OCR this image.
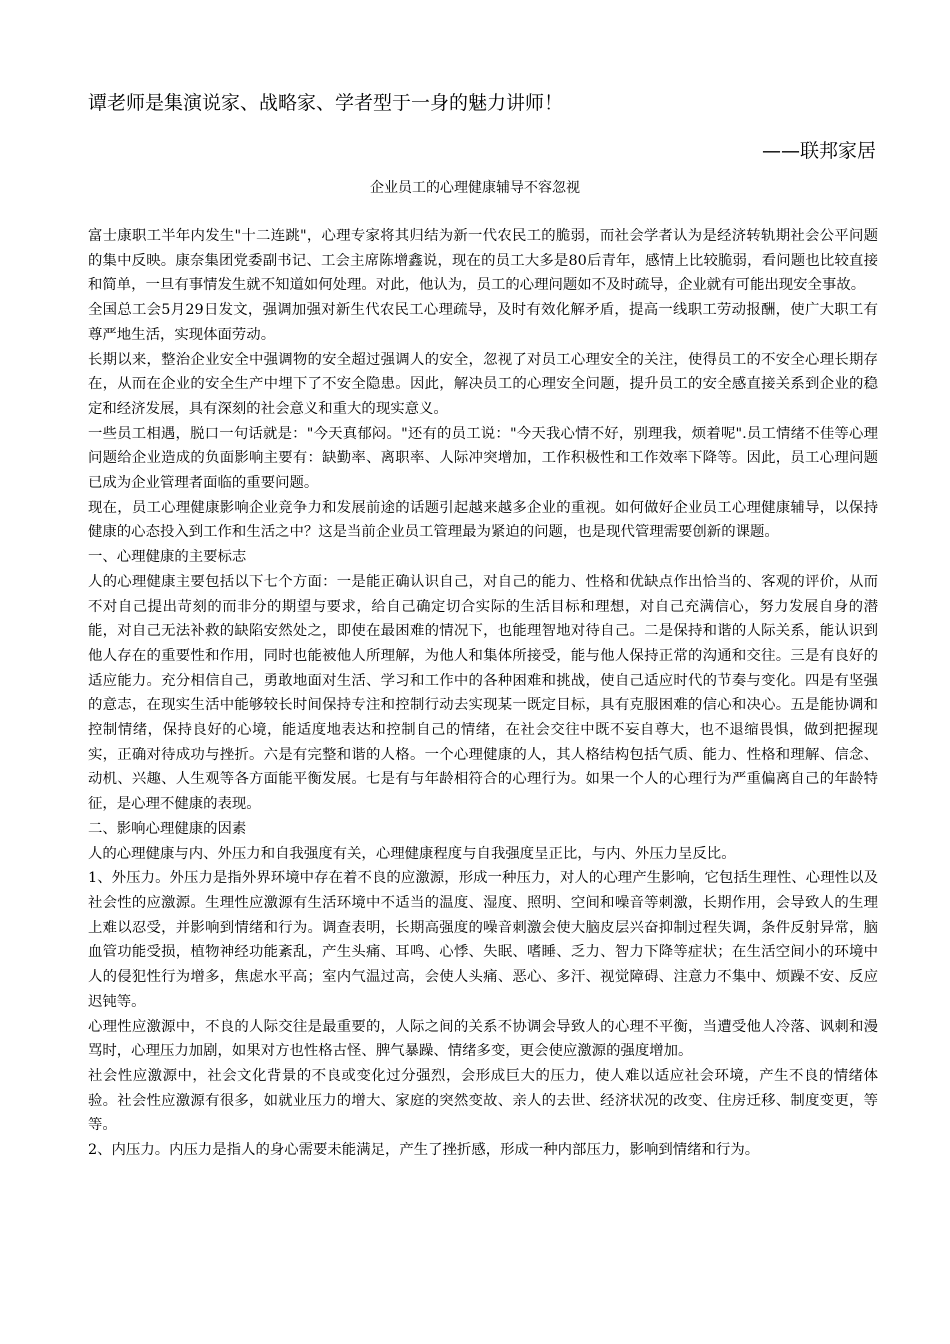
谭老师是集演说家、战略家、学者型于一身的魅力讲师！
——联邦家居
企业员工的心理健康辅导不容忽视

富士康职工半年内发生"十二连跳"，心理专家将其归结为新一代农民工的脆弱，而社会学者认为是经济转轨期社会公平问题的集中反映。康奈集团党委副书记、工会主席陈增鑫说，现在的员工大多是80后青年，感情上比较脆弱，看问题也比较直接和简单，一旦有事情发生就不知道如何处理。对此，他认为，员工的心理问题如不及时疏导，企业就有可能出现安全事故。

全国总工会5月29日发文，强调加强对新生代农民工心理疏导，及时有效化解矛盾，提高一线职工劳动报酬，使广大职工有尊严地生活，实现体面劳动。

长期以来，整治企业安全中强调物的安全超过强调人的安全，忽视了对员工心理安全的关注，使得员工的不安全心理长期存在，从而在企业的安全生产中埋下了不安全隐患。因此，解决员工的心理安全问题，提升员工的安全感直接关系到企业的稳定和经济发展，具有深刻的社会意义和重大的现实意义。

一些员工相遇，脱口一句话就是："今天真郁闷。"还有的员工说："今天我心情不好，别理我，烦着呢".员工情绪不佳等心理问题给企业造成的负面影响主要有：缺勤率、离职率、人际冲突增加，工作积极性和工作效率下降等。因此，员工心理问题已成为企业管理者面临的重要问题。

现在，员工心理健康影响企业竞争力和发展前途的话题引起越来越多企业的重视。如何做好企业员工心理健康辅导，以保持健康的心态投入到工作和生活之中？这是当前企业员工管理最为紧迫的问题，也是现代管理需要创新的课题。

一、心理健康的主要标志

人的心理健康主要包括以下七个方面：一是能正确认识自己，对自己的能力、性格和优缺点作出恰当的、客观的评价，从而不对自己提出苛刻的而非分的期望与要求，给自己确定切合实际的生活目标和理想，对自己充满信心，努力发展自身的潜能，对自己无法补救的缺陷安然处之，即使在最困难的情况下，也能理智地对待自己。二是保持和谐的人际关系，能认识到他人存在的重要性和作用，同时也能被他人所理解，为他人和集体所接受，能与他人保持正常的沟通和交往。三是有良好的适应能力。充分相信自己，勇敢地面对生活、学习和工作中的各种困难和挑战，使自己适应时代的节奏与变化。四是有坚强的意志，在现实生活中能够较长时间保持专注和控制行动去实现某一既定目标，具有克服困难的信心和决心。五是能协调和控制情绪，保持良好的心境，能适度地表达和控制自己的情绪，在社会交往中既不妄自尊大，也不退缩畏惧，做到把握现实，正确对待成功与挫折。六是有完整和谐的人格。一个心理健康的人，其人格结构包括气质、能力、性格和理解、信念、动机、兴趣、人生观等各方面能平衡发展。七是有与年龄相符合的心理行为。如果一个人的心理行为严重偏离自己的年龄特征，是心理不健康的表现。

二、影响心理健康的因素

人的心理健康与内、外压力和自我强度有关，心理健康程度与自我强度呈正比，与内、外压力呈反比。

1、外压力。外压力是指外界环境中存在着不良的应激源，形成一种压力，对人的心理产生影响，它包括生理性、心理性以及社会性的应激源。生理性应激源有生活环境中不适当的温度、湿度、照明、空间和噪音等刺激，长期作用，会导致人的生理上难以忍受，并影响到情绪和行为。调查表明，长期高强度的噪音刺激会使大脑皮层兴奋抑制过程失调，条件反射异常，脑血管功能受损，植物神经功能紊乱，产生头痛、耳鸣、心悸、失眠、嗜睡、乏力、智力下降等症状；在生活空间小的环境中人的侵犯性行为增多，焦虑水平高；室内气温过高，会使人头痛、恶心、多汗、视觉障碍、注意力不集中、烦躁不安、反应迟钝等。

心理性应激源中，不良的人际交往是最重要的，人际之间的关系不协调会导致人的心理不平衡，当遭受他人冷落、讽刺和漫骂时，心理压力加剧，如果对方也性格古怪、脾气暴躁、情绪多变，更会使应激源的强度增加。

社会性应激源中，社会文化背景的不良或变化过分强烈，会形成巨大的压力，使人难以适应社会环境，产生不良的情绪体验。社会性应激源有很多，如就业压力的增大、家庭的突然变故、亲人的去世、经济状况的改变、住房迁移、制度变更，等等。

2、内压力。内压力是指人的身心需要未能满足，产生了挫折感，形成一种内部压力，影响到情绪和行为。
